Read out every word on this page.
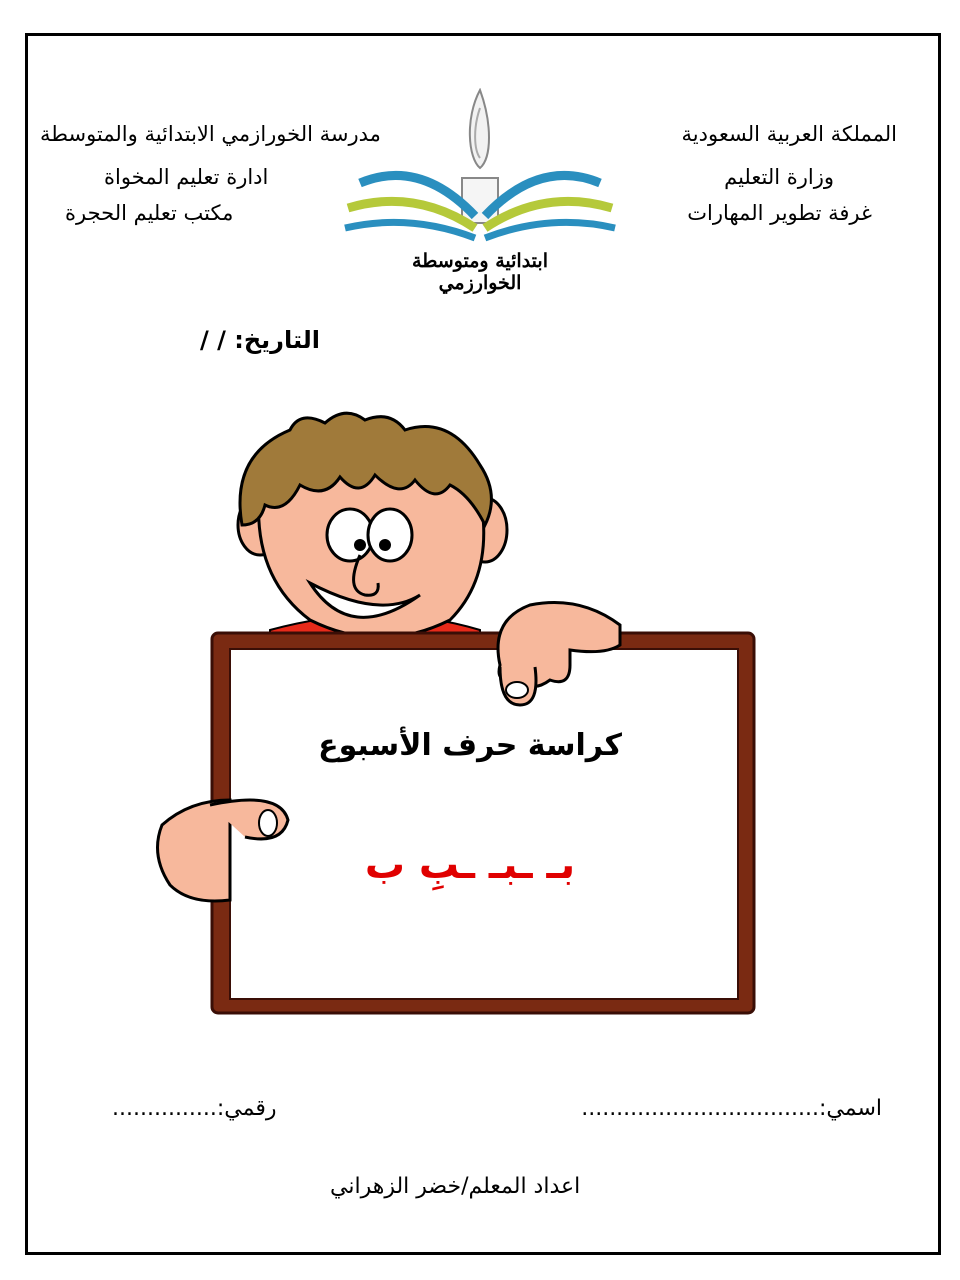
المملكة العربية السعودية
وزارة التعليم
غرفة تطوير المهارات
مدرسة الخورازمي الابتدائية والمتوسطة
ادارة تعليم المخواة
مكتب تعليم الحجرة
ابتدائية ومتوسطة الخوارزمي
التاريخ: / /
كراسة حرف الأسبوع
بـ ـبـ ـبِ ب
اسمي:..................................
رقمي:...............
اعداد المعلم/خضر الزهراني
